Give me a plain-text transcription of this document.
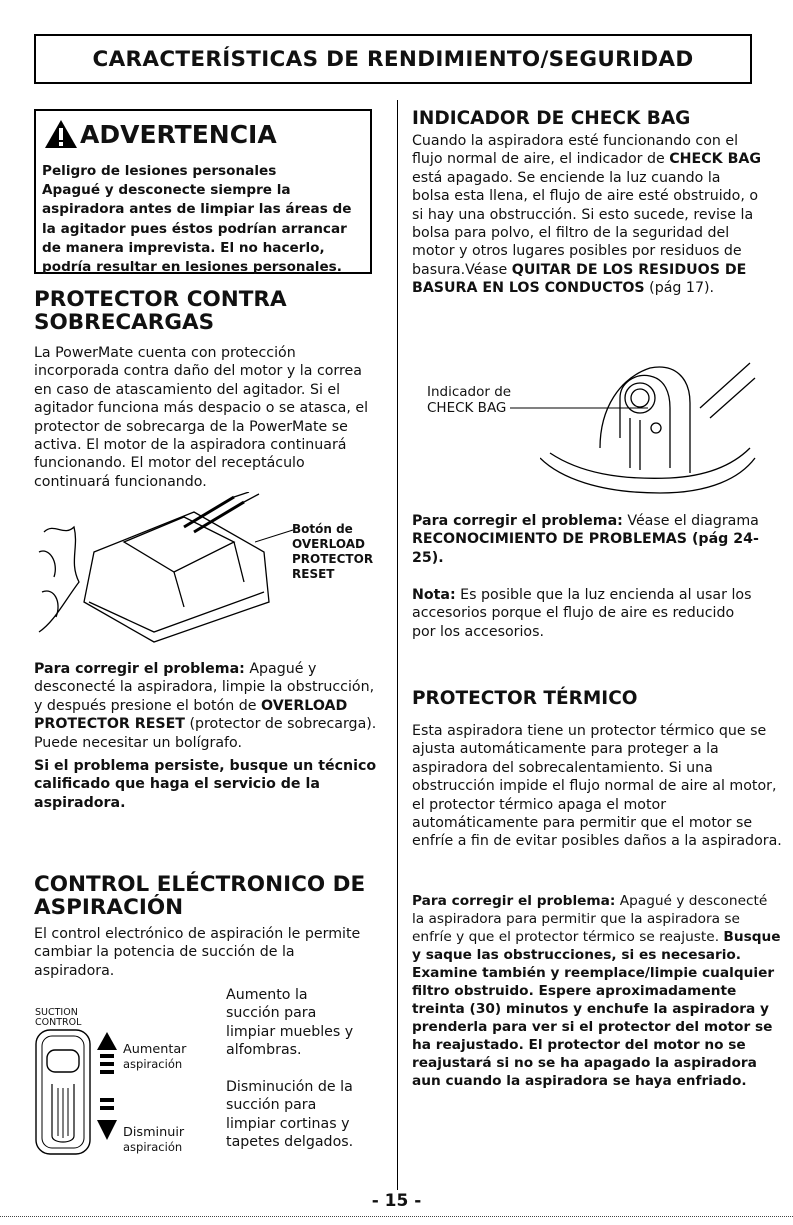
CARACTERÍSTICAS DE RENDIMIENTO/SEGURIDAD
ADVERTENCIA
Peligro de lesiones personales
Apagué y desconecte siempre la aspiradora antes de limpiar las áreas de la agitador pues éstos podrían arrancar de manera imprevista. El no hacerlo, podría resultar en lesiones personales.
PROTECTOR CONTRA
SOBRECARGAS
La PowerMate cuenta con protección incorporada contra daño del motor y la correa en caso de atascamiento del agitador. Si el agitador funciona más despacio o se atasca, el protector de sobrecarga de la PowerMate se activa. El motor de la aspiradora continuará funcionando. El motor del receptáculo continuará funcionando.
Botón de
OVERLOAD
PROTECTOR
RESET
Para corregir el problema: Apagué y desconecté la aspiradora, limpie la obstrucción, y después presione el botón de OVERLOAD PROTECTOR RESET (protector de sobrecarga). Puede necesitar un bolígrafo.
Si el problema persiste, busque un técnico calificado que haga el servicio de la aspiradora.
CONTROL ELÉCTRONICO DE
ASPIRACIÓN
El control electrónico de aspiración le permite cambiar la potencia de succión de la aspiradora.
SUCTION
CONTROL
Aumentar
aspiración
Disminuir
aspiración
Aumento la
succión para
limpiar muebles y
alfombras.
Disminución de la
succión para
limpiar cortinas y
tapetes delgados.
INDICADOR DE CHECK BAG
Cuando la aspiradora esté funcionando con el flujo normal de aire, el indicador de CHECK BAG está apagado. Se enciende la luz cuando la bolsa esta llena, el flujo de aire esté obstruido, o si hay una obstrucción. Si esto sucede, revise la bolsa para polvo, el filtro de la seguridad del motor y otros lugares posibles por residuos de basura.Véase QUITAR DE LOS RESIDUOS DE BASURA EN LOS CONDUCTOS (pág 17).
Indicador de
CHECK BAG
Para corregir el problema: Véase el diagrama RECONOCIMIENTO DE PROBLEMAS (pág 24-25).
Nota: Es posible que la luz encienda al usar los accesorios porque el flujo de aire es reducido por los accesorios.
PROTECTOR TÉRMICO
Esta aspiradora tiene un protector térmico que se ajusta automáticamente para proteger a la aspiradora del sobrecalentamiento. Si una obstrucción impide el flujo normal de aire al motor, el protector térmico apaga el motor automáticamente para permitir que el motor se enfríe a fin de evitar posibles daños a la aspiradora.
Para corregir el problema: Apagué y desconecté la aspiradora para permitir que la aspiradora se enfríe y que el protector térmico se reajuste. Busque y saque las obstrucciones, si es necesario. Examine también y reemplace/limpie cualquier filtro obstruido. Espere aproximadamente treinta (30) minutos y enchufe la aspiradora y prenderla para ver si el protector del motor se ha reajustado. El protector del motor no se reajustará si no se ha apagado la aspiradora aun cuando la aspiradora se haya enfriado.
- 15 -
